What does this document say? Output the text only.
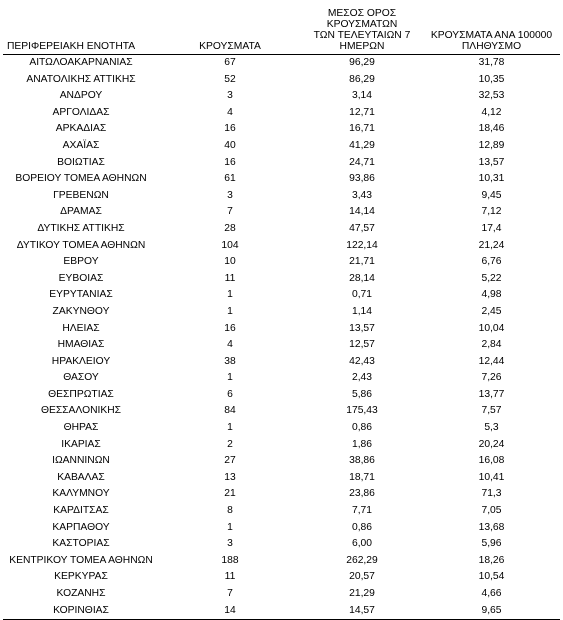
ΠΕΡΙΦΕΡΕΙΑΚΗ ΕΝΟΤΗΤΑ	ΚΡΟΥΣΜΑΤΑ	ΜΕΣΟΣ ΟΡΟΣ ΚΡΟΥΣΜΑΤΩΝ
ΤΩΝ ΤΕΛΕΥΤΑΙΩΝ 7
ΗΜΕΡΩΝ	ΚΡΟΥΣΜΑΤΑ ΑΝΑ 100000
ΠΛΗΘΥΣΜΟ
ΑΙΤΩΛΟΑΚΑΡΝΑΝΙΑΣ	67	96,29	31,78
ΑΝΑΤΟΛΙΚΗΣ ΑΤΤΙΚΗΣ	52	86,29	10,35
ΑΝΔΡΟΥ	3	3,14	32,53
ΑΡΓΟΛΙΔΑΣ	4	12,71	4,12
ΑΡΚΑΔΙΑΣ	16	16,71	18,46
ΑΧΑΪΑΣ	40	41,29	12,89
ΒΟΙΩΤΙΑΣ	16	24,71	13,57
ΒΟΡΕΙΟΥ ΤΟΜΕΑ ΑΘΗΝΩΝ	61	93,86	10,31
ΓΡΕΒΕΝΩΝ	3	3,43	9,45
ΔΡΑΜΑΣ	7	14,14	7,12
ΔΥΤΙΚΗΣ ΑΤΤΙΚΗΣ	28	47,57	17,4
ΔΥΤΙΚΟΥ ΤΟΜΕΑ ΑΘΗΝΩΝ	104	122,14	21,24
ΕΒΡΟΥ	10	21,71	6,76
ΕΥΒΟΙΑΣ	11	28,14	5,22
ΕΥΡΥΤΑΝΙΑΣ	1	0,71	4,98
ΖΑΚΥΝΘΟΥ	1	1,14	2,45
ΗΛΕΙΑΣ	16	13,57	10,04
ΗΜΑΘΙΑΣ	4	12,57	2,84
ΗΡΑΚΛΕΙΟΥ	38	42,43	12,44
ΘΑΣΟΥ	1	2,43	7,26
ΘΕΣΠΡΩΤΙΑΣ	6	5,86	13,77
ΘΕΣΣΑΛΟΝΙΚΗΣ	84	175,43	7,57
ΘΗΡΑΣ	1	0,86	5,3
ΙΚΑΡΙΑΣ	2	1,86	20,24
ΙΩΑΝΝΙΝΩΝ	27	38,86	16,08
ΚΑΒΑΛΑΣ	13	18,71	10,41
ΚΑΛΥΜΝΟΥ	21	23,86	71,3
ΚΑΡΔΙΤΣΑΣ	8	7,71	7,05
ΚΑΡΠΑΘΟΥ	1	0,86	13,68
ΚΑΣΤΟΡΙΑΣ	3	6,00	5,96
ΚΕΝΤΡΙΚΟΥ ΤΟΜΕΑ ΑΘΗΝΩΝ	188	262,29	18,26
ΚΕΡΚΥΡΑΣ	11	20,57	10,54
ΚΟΖΑΝΗΣ	7	21,29	4,66
ΚΟΡΙΝΘΙΑΣ	14	14,57	9,65
